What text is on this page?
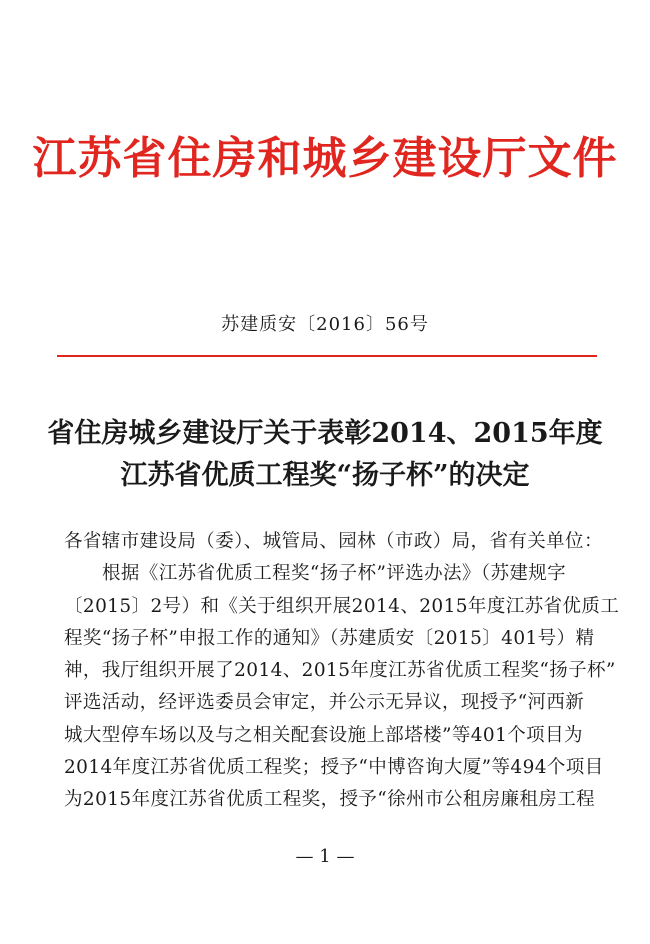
江苏省住房和城乡建设厅文件
苏建质安〔2016〕56号
省住房城乡建设厅关于表彰2014、2015年度
江苏省优质工程奖“扬子杯”的决定
各省辖市建设局（委）、城管局、园林（市政）局，省有关单位：
根据《江苏省优质工程奖“扬子杯”评选办法》（苏建规字
〔2015〕2号）和《关于组织开展2014、2015年度江苏省优质工
程奖“扬子杯”申报工作的通知》（苏建质安〔2015〕401号）精
神，我厅组织开展了2014、2015年度江苏省优质工程奖“扬子杯”
评选活动，经评选委员会审定，并公示无异议，现授予“河西新
城大型停车场以及与之相关配套设施上部塔楼”等401个项目为
2014年度江苏省优质工程奖；授予“中博咨询大厦”等494个项目
为2015年度江苏省优质工程奖，授予“徐州市公租房廉租房工程
— 1 —
